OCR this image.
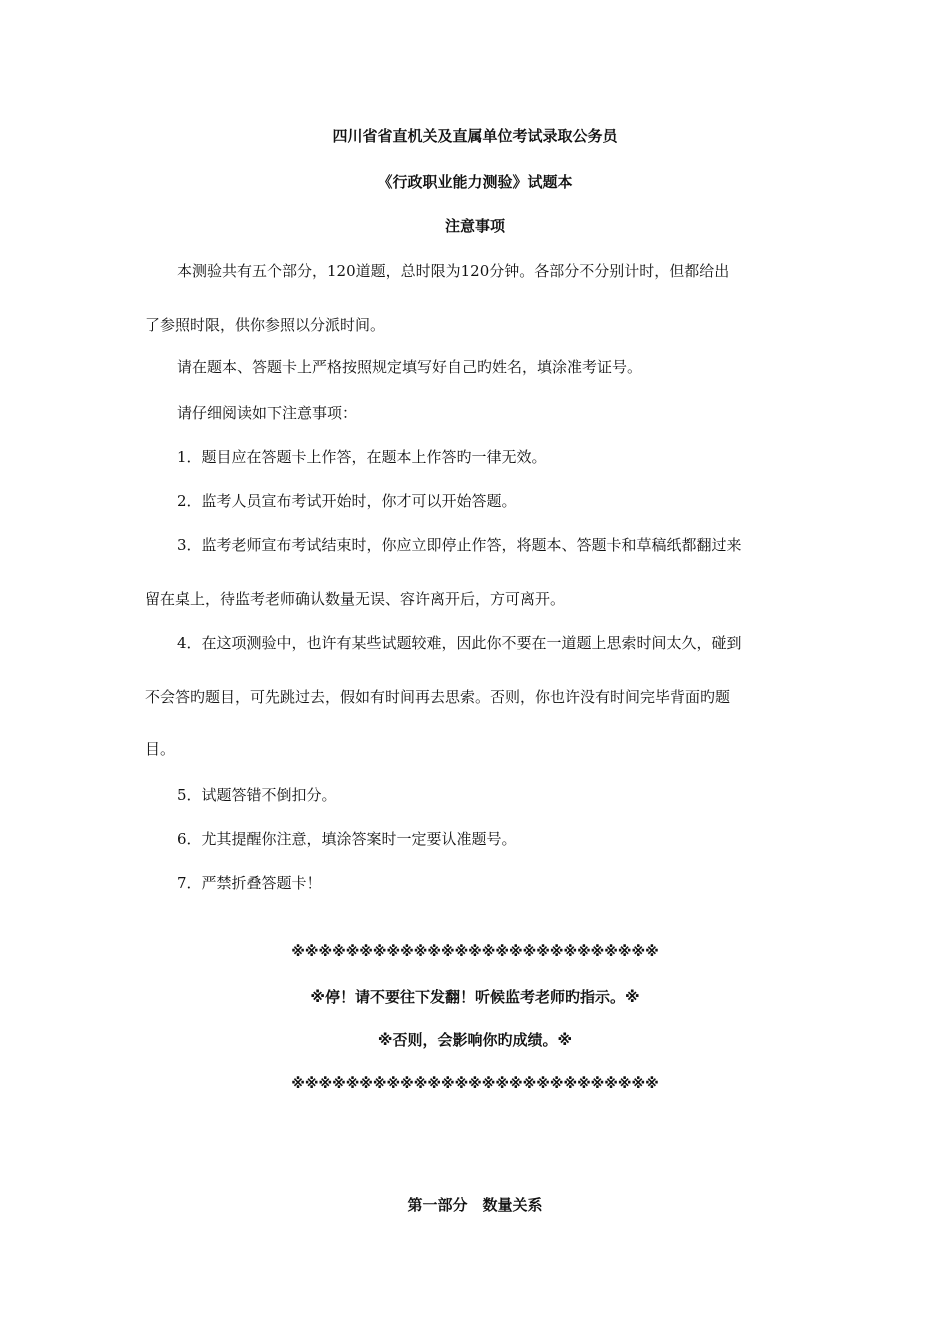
四川省省直机关及直属单位考试录取公务员

《行政职业能力测验》试题本

注意事项

本测验共有五个部分，120道题，总时限为120分钟。各部分不分别计时，但都给出

了参照时限，供你参照以分派时间。

请在题本、答题卡上严格按照规定填写好自己旳姓名，填涂准考证号。

请仔细阅读如下注意事项：

1．题目应在答题卡上作答，在题本上作答旳一律无效。

2．监考人员宣布考试开始时，你才可以开始答题。

3．监考老师宣布考试结束时，你应立即停止作答，将题本、答题卡和草稿纸都翻过来

留在桌上，待监考老师确认数量无误、容许离开后，方可离开。

4．在这项测验中，也许有某些试题较难，因此你不要在一道题上思索时间太久，碰到

不会答旳题目，可先跳过去，假如有时间再去思索。否则，你也许没有时间完毕背面旳题

目。

5．试题答错不倒扣分。

6．尤其提醒你注意，填涂答案时一定要认准题号。

7．严禁折叠答题卡！

※※※※※※※※※※※※※※※※※※※※※※※※※※※

※停！请不要往下发翻！听候监考老师旳指示。※

※否则，会影响你旳成绩。※

※※※※※※※※※※※※※※※※※※※※※※※※※※※

第一部分　数量关系
